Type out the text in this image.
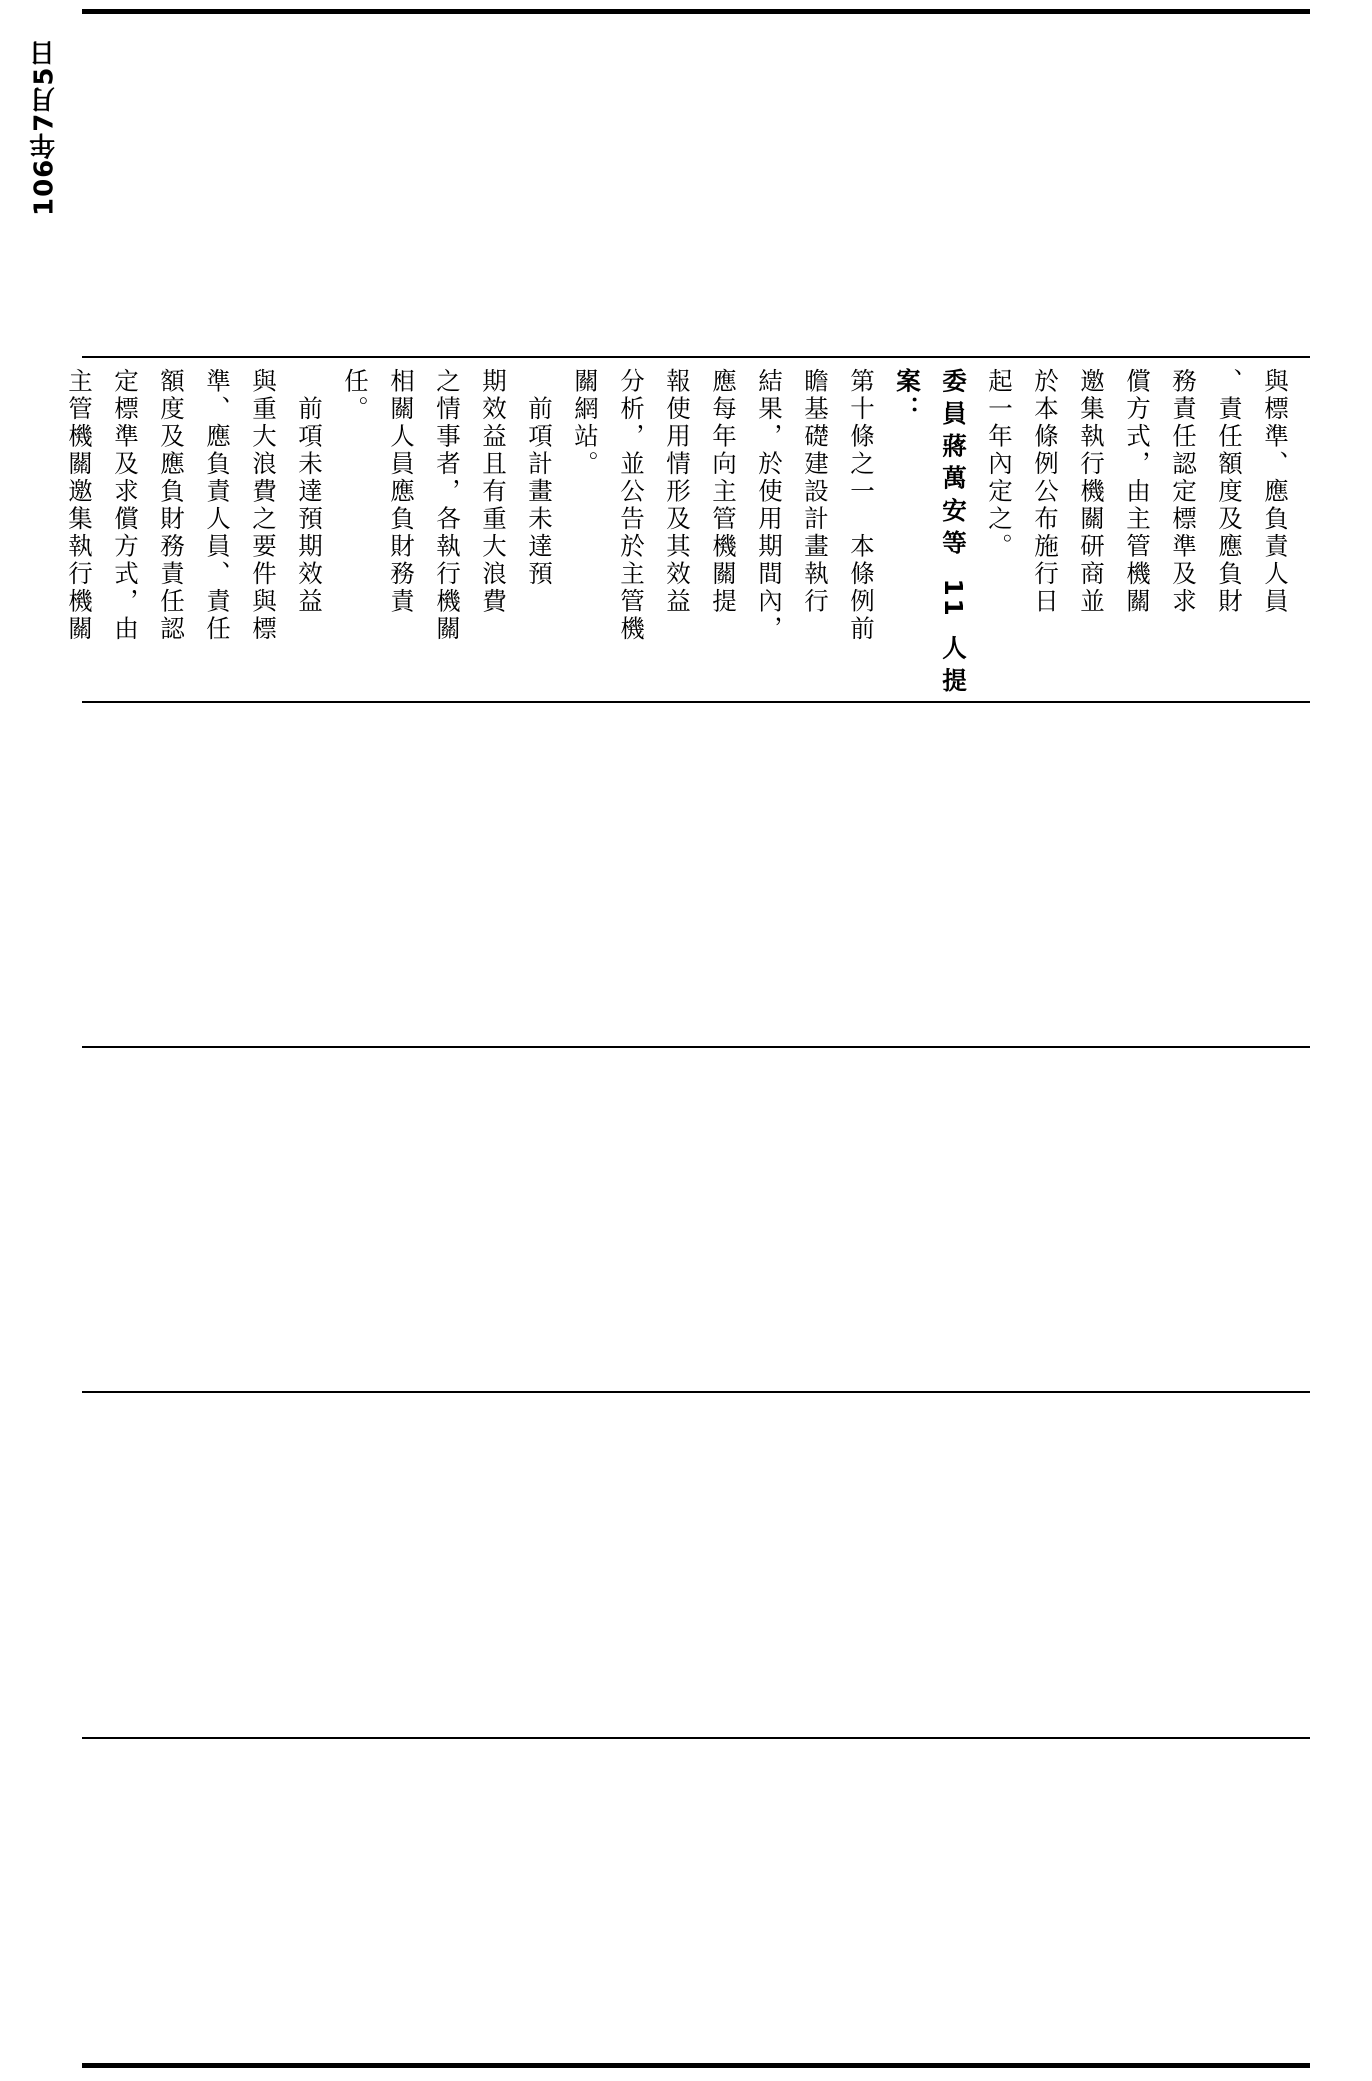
106年7月5日

與標準、應負責人員

、責任額度及應負財

務責任認定標準及求

償方式，由主管機關

邀集執行機關研商並

於本條例公布施行日

起一年內定之。

委員蔣萬安等 11 人提案：

第十條之一　本條例前

瞻基礎建設計畫執行

結果，於使用期間內，

應每年向主管機關提

報使用情形及其效益

分析，並公告於主管機

關網站。

　前項計畫未達預

期效益且有重大浪費

之情事者，各執行機關

相關人員應負財務責

任。

　前項未達預期效益

與重大浪費之要件與標

準、應負責人員、責任

額度及應負財務責任認

定標準及求償方式，由

主管機關邀集執行機關
